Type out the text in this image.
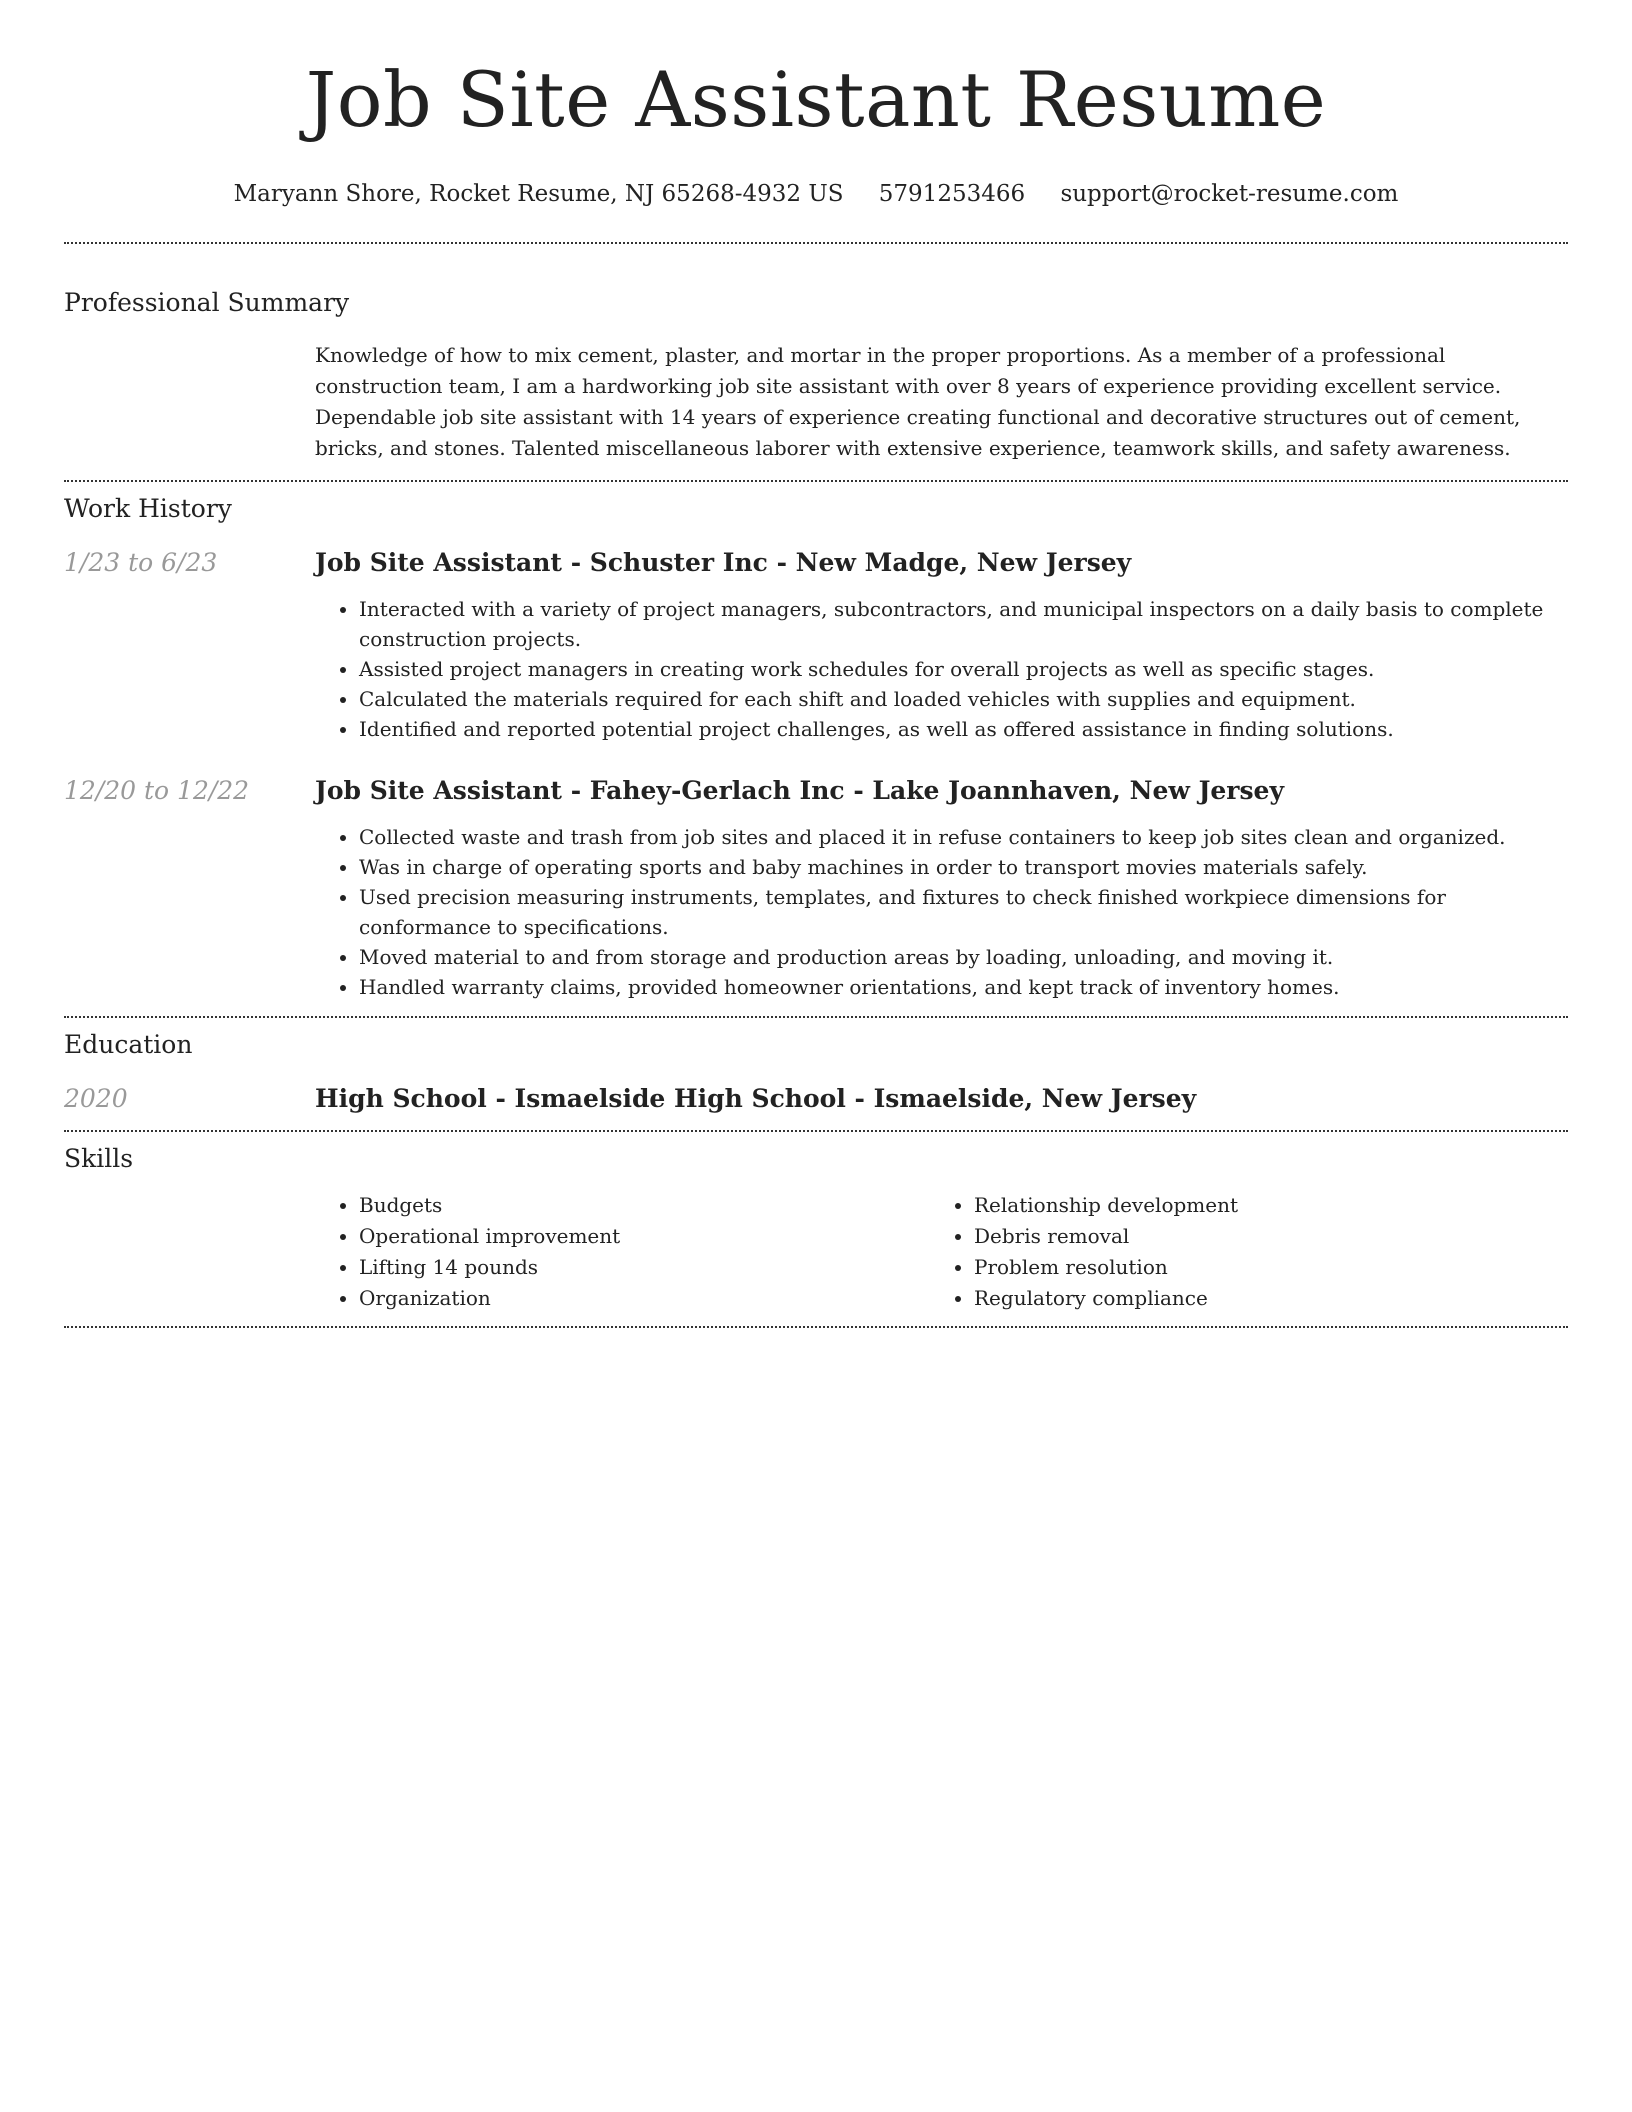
Job Site Assistant Resume
Maryann Shore, Rocket Resume, NJ 65268-4932 US 5791253466 support@rocket-resume.com
Professional Summary

Knowledge of how to mix cement, plaster, and mortar in the proper proportions. As a member of a professional construction team, I am a hardworking job site assistant with over 8 years of experience providing excellent service. Dependable job site assistant with 14 years of experience creating functional and decorative structures out of cement, bricks, and stones. Talented miscellaneous laborer with extensive experience, teamwork skills, and safety awareness.

Work History
1/23 to 6/23	Job Site Assistant - Schuster Inc - New Madge, New Jersey
• Interacted with a variety of project managers, subcontractors, and municipal inspectors on a daily basis to complete construction projects.
• Assisted project managers in creating work schedules for overall projects as well as specific stages.
• Calculated the materials required for each shift and loaded vehicles with supplies and equipment.
• Identified and reported potential project challenges, as well as offered assistance in finding solutions.
12/20 to 12/22	Job Site Assistant - Fahey-Gerlach Inc - Lake Joannhaven, New Jersey
• Collected waste and trash from job sites and placed it in refuse containers to keep job sites clean and organized.
• Was in charge of operating sports and baby machines in order to transport movies materials safely.
• Used precision measuring instruments, templates, and fixtures to check finished workpiece dimensions for conformance to specifications.
• Moved material to and from storage and production areas by loading, unloading, and moving it.
• Handled warranty claims, provided homeowner orientations, and kept track of inventory homes.
Education
2020	High School - Ismaelside High School - Ismaelside, New Jersey
Skills
• Budgets
• Operational improvement
• Lifting 14 pounds
• Organization
• Relationship development
• Debris removal
• Problem resolution
• Regulatory compliance
